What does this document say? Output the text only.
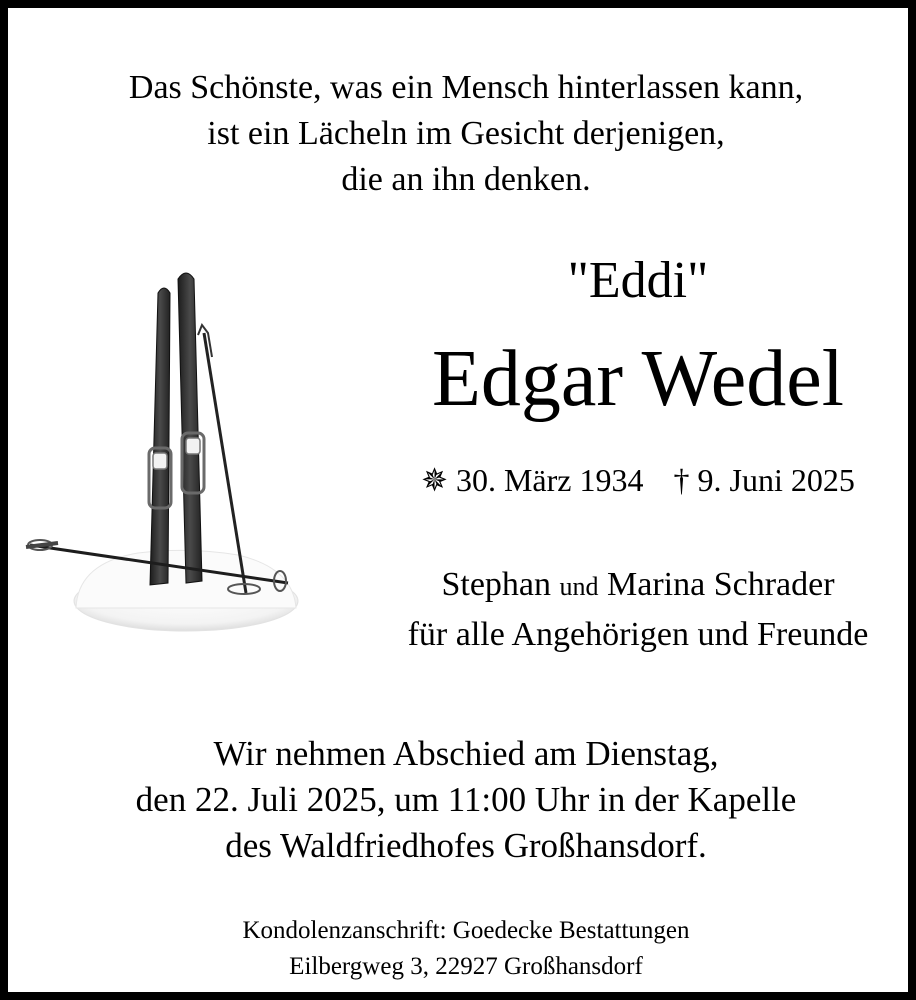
Das Schönste, was ein Mensch hinterlassen kann,
ist ein Lächeln im Gesicht derjenigen,
die an ihn denken.
"Eddi"
Edgar Wedel
✵ 30. März 1934 † 9. Juni 2025
Stephan und Marina Schrader
für alle Angehörigen und Freunde
Wir nehmen Abschied am Dienstag,
den 22. Juli 2025, um 11:00 Uhr in der Kapelle
des Waldfriedhofes Großhansdorf.
Kondolenzanschrift: Goedecke Bestattungen
Eilbergweg 3, 22927 Großhansdorf
